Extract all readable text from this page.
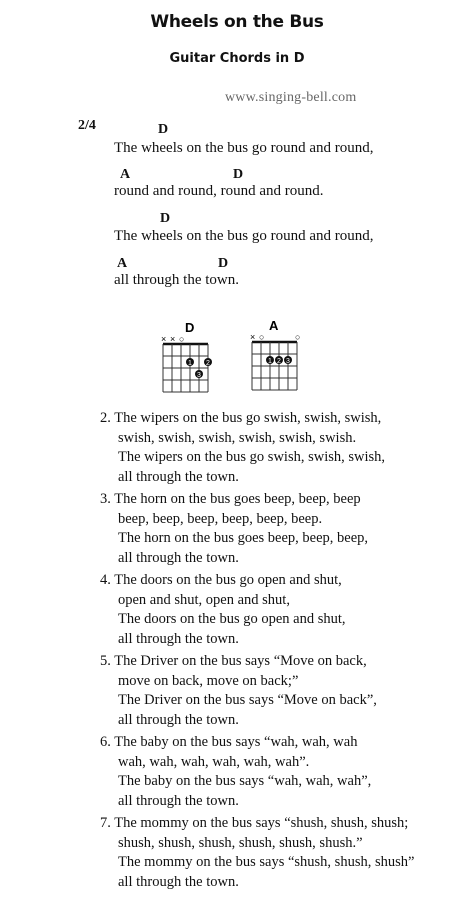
Wheels on the Bus
Guitar Chords in D
www.singing-bell.com
2/4	D
The wheels on the bus go round and round,
A	D
round and round, round and round.
D
The wheels on the bus go round and round,
A	D
all through the town.
D
× × ○
1 2
3
A
× ○	○
1 2 3
2. The wipers on the bus go swish, swish, swish,
swish, swish, swish, swish, swish, swish.
The wipers on the bus go swish, swish, swish,
all through the town.
3. The horn on the bus goes beep, beep, beep
beep, beep, beep, beep, beep, beep.
The horn on the bus goes beep, beep, beep,
all through the town.
4. The doors on the bus go open and shut,
open and shut, open and shut,
The doors on the bus go open and shut,
all through the town.
5. The Driver on the bus says “Move on back,
move on back, move on back;”
The Driver on the bus says “Move on back”,
all through the town.
6. The baby on the bus says “wah, wah, wah
wah, wah, wah, wah, wah, wah”.
The baby on the bus says “wah, wah, wah”,
all through the town.
7. The mommy on the bus says “shush, shush, shush;
shush, shush, shush, shush, shush, shush.”
The mommy on the bus says “shush, shush, shush”
all through the town.
